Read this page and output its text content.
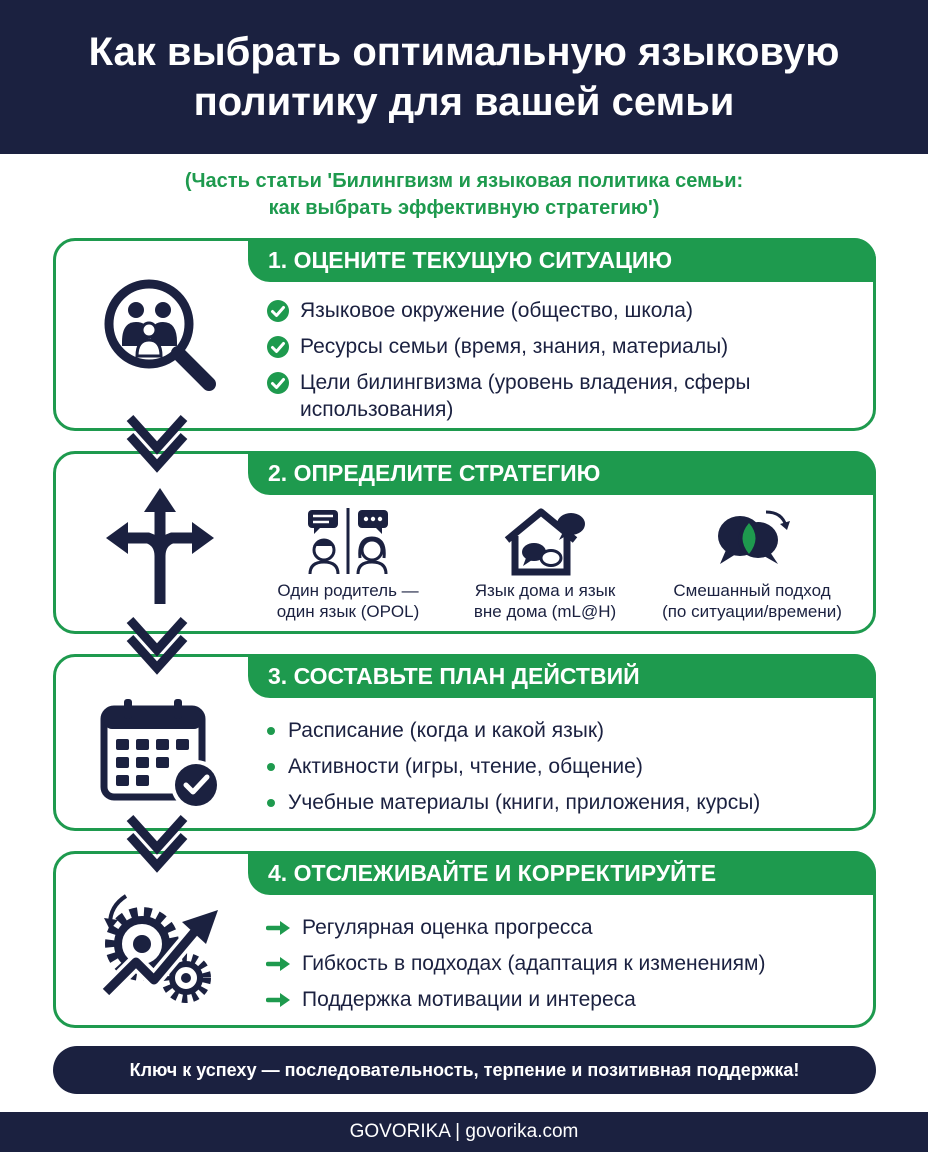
Как выбрать оптимальную языковую
политику для вашей семьи
(Часть статьи 'Билингвизм и языковая политика семьи:
как выбрать эффективную стратегию')
1. ОЦЕНИТЕ ТЕКУЩУЮ СИТУАЦИЮ
Языковое окружение (общество, школа)
Ресурсы семьи (время, знания, материалы)
Цели билингвизма (уровень владения, сферы использования)
2. ОПРЕДЕЛИТЕ СТРАТЕГИЮ
Один родитель —
один язык (OPOL)
Язык дома и язык
вне дома (mL@H)
Смешанный подход
(по ситуации/времени)
3. СОСТАВЬТЕ ПЛАН ДЕЙСТВИЙ
Расписание (когда и какой язык)
Активности (игры, чтение, общение)
Учебные материалы (книги, приложения, курсы)
4. ОТСЛЕЖИВАЙТЕ И КОРРЕКТИРУЙТЕ
Регулярная оценка прогресса
Гибкость в подходах (адаптация к изменениям)
Поддержка мотивации и интереса
Ключ к успеху — последовательность, терпение и позитивная поддержка!
GOVORIKA | govorika.com
